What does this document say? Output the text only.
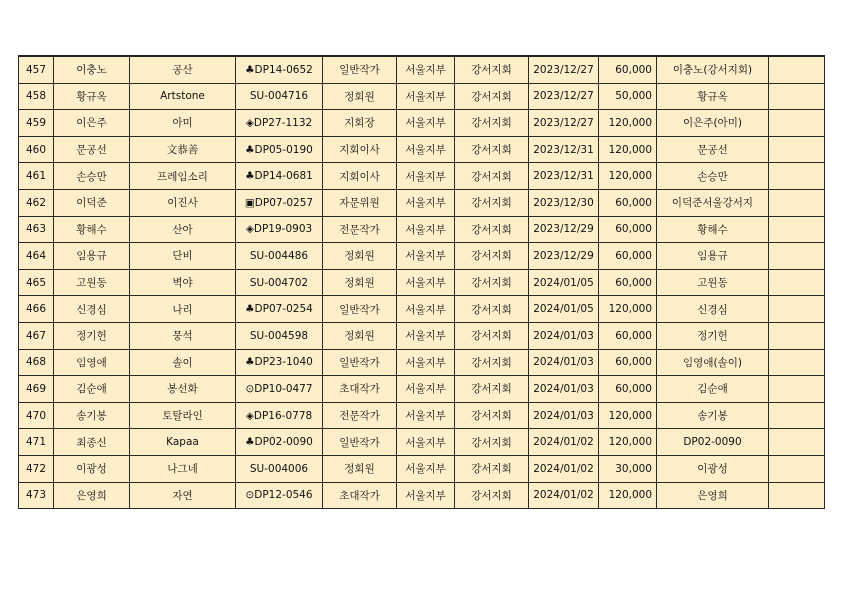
457	이충노	공산	♣DP14-0652	일반작가	서울지부	강서지회	2023/12/27	60,000	이충노(강서지회)	
458	황규옥	Artstone	SU-004716	정회원	서울지부	강서지회	2023/12/27	50,000	황규옥	
459	이은주	아미	◈DP27-1132	지회장	서울지부	강서지회	2023/12/27	120,000	이은주(아미)	
460	문공선	文恭善	♣DP05-0190	지회이사	서울지부	강서지회	2023/12/31	120,000	문공선	
461	손승만	프레임소리	♣DP14-0681	지회이사	서울지부	강서지회	2023/12/31	120,000	손승만	
462	이덕준	이진사	▣DP07-0257	자문위원	서울지부	강서지회	2023/12/30	60,000	이덕준서울강서지	
463	황해수	산아	◈DP19-0903	전문작가	서울지부	강서지회	2023/12/29	60,000	황해수	
464	임용규	단비	SU-004486	정회원	서울지부	강서지회	2023/12/29	60,000	임용규	
465	고원동	벽야	SU-004702	정회원	서울지부	강서지회	2024/01/05	60,000	고원동	
466	신경심	나리	♣DP07-0254	일반작가	서울지부	강서지회	2024/01/05	120,000	신경심	
467	정기헌	뭉석	SU-004598	정회원	서울지부	강서지회	2024/01/03	60,000	정기헌	
468	임영애	솔이	♣DP23-1040	일반작가	서울지부	강서지회	2024/01/03	60,000	임영애(솔이)	
469	김순애	봉선화	⊙DP10-0477	초대작가	서울지부	강서지회	2024/01/03	60,000	김순애	
470	송기봉	토탈라인	◈DP16-0778	전문작가	서울지부	강서지회	2024/01/03	120,000	송기봉	
471	최종신	Kapaa	♣DP02-0090	일반작가	서울지부	강서지회	2024/01/02	120,000	DP02-0090	
472	이광성	나그네	SU-004006	정회원	서울지부	강서지회	2024/01/02	30,000	이광성	
473	은영희	자연	⊙DP12-0546	초대작가	서울지부	강서지회	2024/01/02	120,000	은영희	
